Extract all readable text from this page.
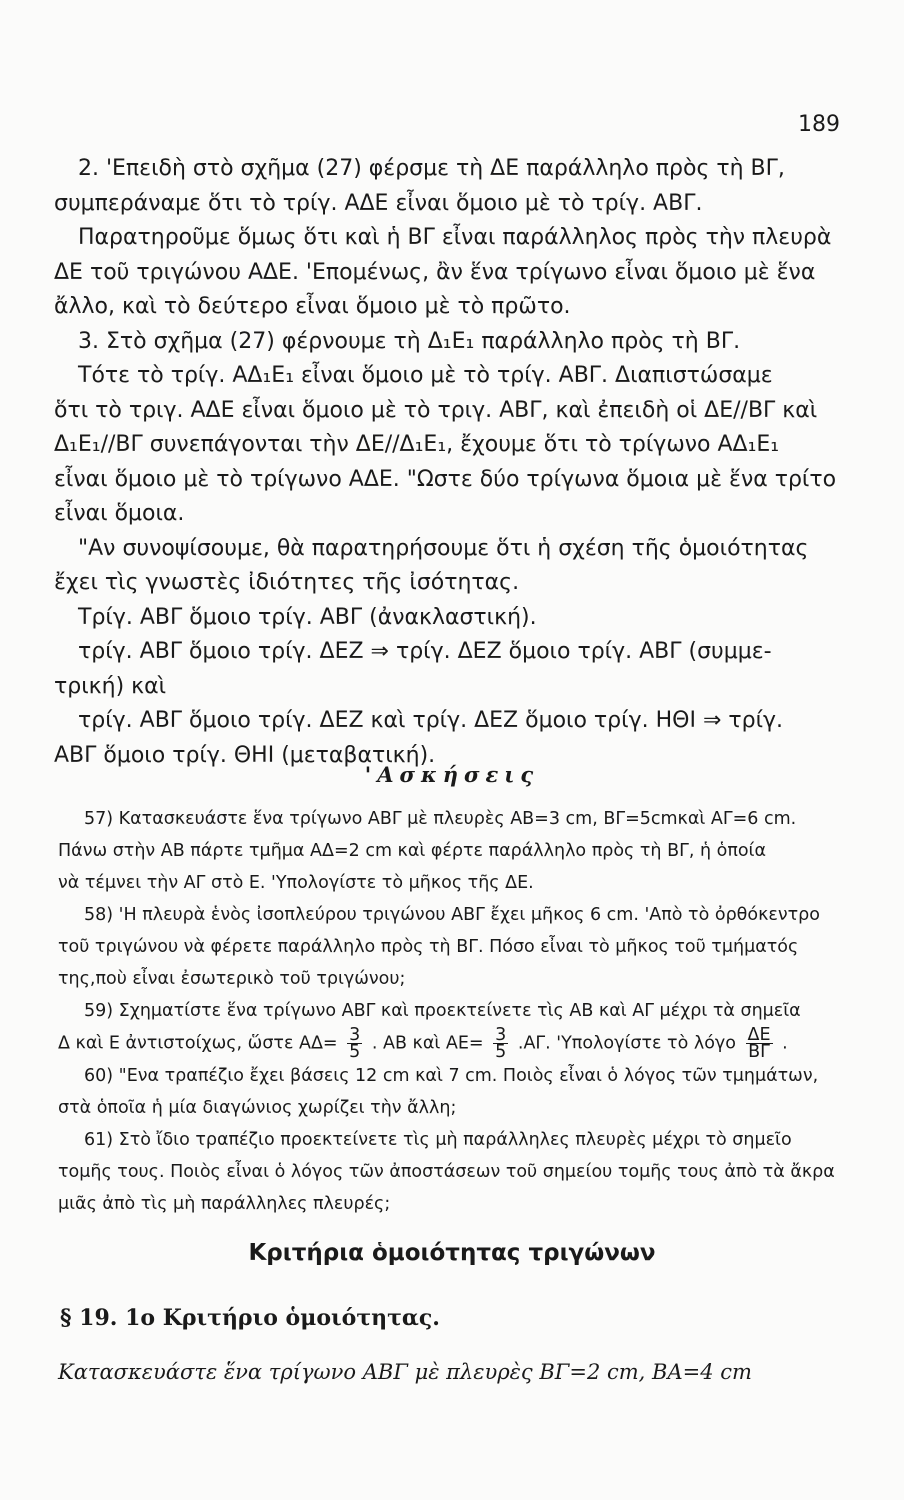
189
2. 'Επειδὴ στὸ σχῆμα (27) φέρσμε τὴ ΔΕ παράλληλο πρὸς τὴ ΒΓ,
συμπεράναμε ὅτι τὸ τρίγ. ΑΔΕ εἶναι ὅμοιο μὲ τὸ τρίγ. ΑΒΓ.
Παρατηροῦμε ὅμως ὅτι καὶ ἡ ΒΓ εἶναι παράλληλος πρὸς τὴν πλευρὰ
ΔΕ τοῦ τριγώνου ΑΔΕ. 'Επομένως, ἂν ἕνα τρίγωνο εἶναι ὅμοιο μὲ ἕνα
ἄλλο, καὶ τὸ δεύτερο εἶναι ὅμοιο μὲ τὸ πρῶτο.
3. Στὸ σχῆμα (27) φέρνουμε τὴ Δ₁Ε₁ παράλληλο πρὸς τὴ ΒΓ.
Τότε τὸ τρίγ. ΑΔ₁Ε₁ εἶναι ὅμοιο μὲ τὸ τρίγ. ΑΒΓ. Διαπιστώσαμε
ὅτι τὸ τριγ. ΑΔΕ εἶναι ὅμοιο μὲ τὸ τριγ. ΑΒΓ, καὶ ἐπειδὴ οἱ ΔΕ//ΒΓ καὶ
Δ₁Ε₁//ΒΓ συνεπάγονται τὴν ΔΕ//Δ₁Ε₁, ἔχουμε ὅτι τὸ τρίγωνο ΑΔ₁Ε₁
εἶναι ὅμοιο μὲ τὸ τρίγωνο ΑΔΕ. "Ωστε δύο τρίγωνα ὅμοια μὲ ἕνα τρίτο
εἶναι ὅμοια.
"Αν συνοψίσουμε, θὰ παρατηρήσουμε ὅτι ἡ σχέση τῆς ὁμοιότητας
ἔχει τὶς γνωστὲς ἰδιότητες τῆς ἰσότητας.
Τρίγ. ΑΒΓ ὅμοιο τρίγ. ΑΒΓ (ἀνακλαστική).
τρίγ. ΑΒΓ ὅμοιο τρίγ. ΔΕΖ ⇒ τρίγ. ΔΕΖ ὅμοιο τρίγ. ΑΒΓ (συμμε-
τρική) καὶ
τρίγ. ΑΒΓ ὅμοιο τρίγ. ΔΕΖ καὶ τρίγ. ΔΕΖ ὅμοιο τρίγ. ΗΘΙ ⇒ τρίγ.
ΑΒΓ ὅμοιο τρίγ. ΘΗΙ (μεταβατική).
'Ασκήσεις
57) Κατασκευάστε ἕνα τρίγωνο ΑΒΓ μὲ πλευρὲς ΑΒ=3 cm, ΒΓ=5cmκαὶ ΑΓ=6 cm.
Πάνω στὴν ΑΒ πάρτε τμῆμα ΑΔ=2 cm καὶ φέρτε παράλληλο πρὸς τὴ ΒΓ, ἡ ὁποία
νὰ τέμνει τὴν ΑΓ στὸ Ε. 'Υπολογίστε τὸ μῆκος τῆς ΔΕ.
58) 'Η πλευρὰ ἑνὸς ἰσοπλεύρου τριγώνου ΑΒΓ ἔχει μῆκος 6 cm. 'Απὸ τὸ ὀρθόκεντρο
τοῦ τριγώνου νὰ φέρετε παράλληλο πρὸς τὴ ΒΓ. Πόσο εἶναι τὸ μῆκος τοῦ τμήματός
της,ποὺ εἶναι ἐσωτερικὸ τοῦ τριγώνου;
59) Σχηματίστε ἕνα τρίγωνο ΑΒΓ καὶ προεκτείνετε τὶς ΑΒ καὶ ΑΓ μέχρι τὰ σημεῖα
Δ καὶ Ε ἀντιστοίχως, ὥστε $A\Delta= \frac{3}{5}$ . ΑΒ καὶ $AE= \frac{3}{5} .A\Gamma$. 'Υπολογίστε τὸ λόγο $\frac{\Delta E}{B\Gamma}$ .
60) "Ενα τραπέζιο ἔχει βάσεις 12 cm καὶ 7 cm. Ποιὸς εἶναι ὁ λόγος τῶν τμημάτων,
στὰ ὁποῖα ἡ μία διαγώνιος χωρίζει τὴν ἄλλη;
61) Στὸ ἴδιο τραπέζιο προεκτείνετε τὶς μὴ παράλληλες πλευρὲς μέχρι τὸ σημεῖο
τομῆς τους. Ποιὸς εἶναι ὁ λόγος τῶν ἀποστάσεων τοῦ σημείου τομῆς τους ἀπὸ τὰ ἄκρα
μιᾶς ἀπὸ τὶς μὴ παράλληλες πλευρές;
Κριτήρια ὁμοιότητας τριγώνων
§ 19. 1ο Κριτήριο ὁμοιότητας.
Κατασκευάστε ἕνα τρίγωνο ΑΒΓ μὲ πλευρὲς ΒΓ=2 cm, ΒΑ=4 cm
